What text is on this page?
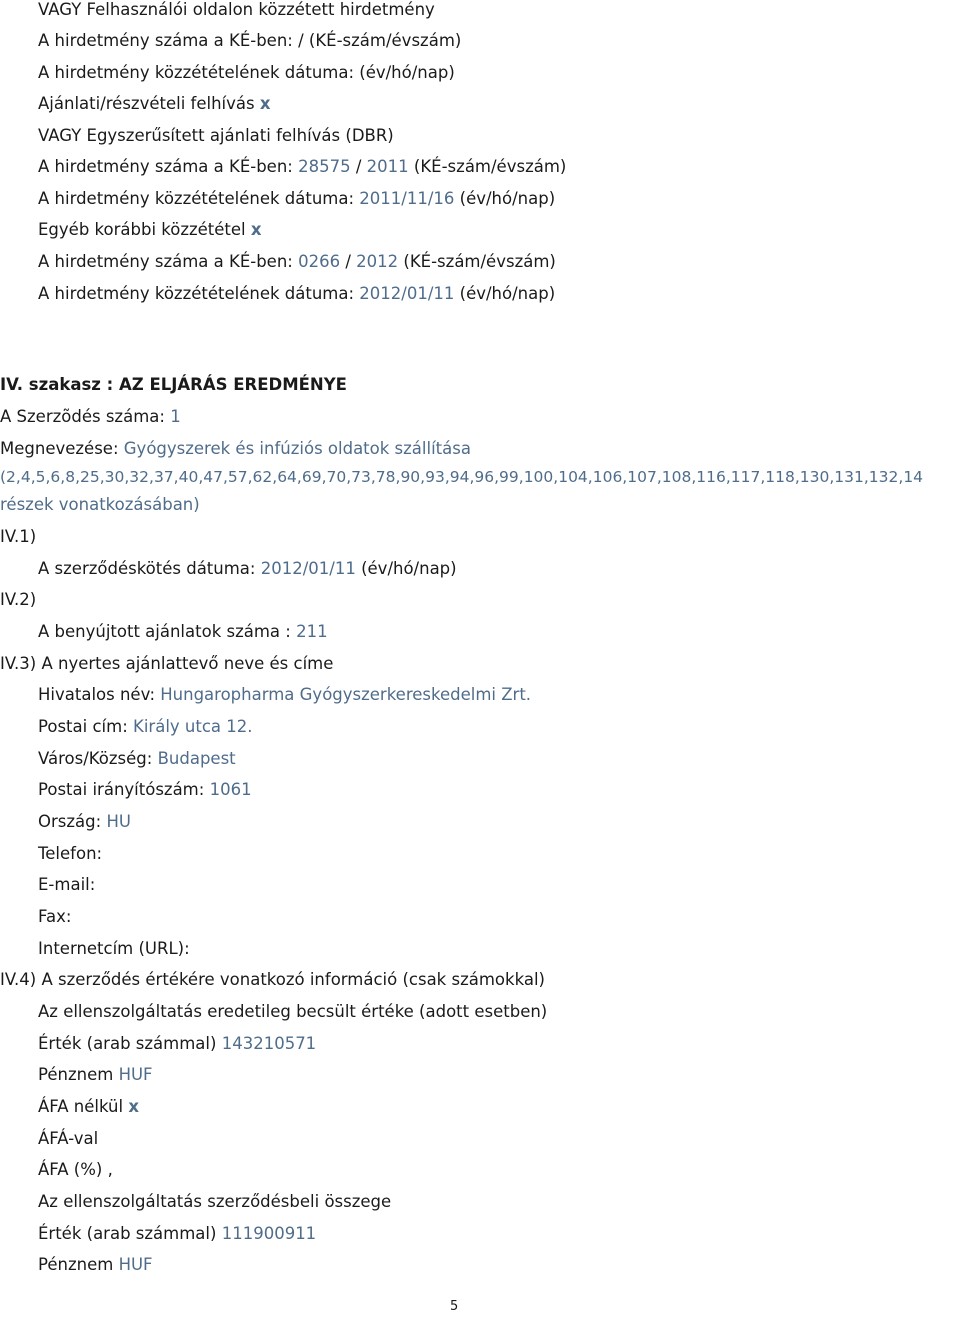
VAGY Felhasználói oldalon közzétett hirdetmény
A hirdetmény száma a KÉ-ben: / (KÉ-szám/évszám)
A hirdetmény közzétételének dátuma: (év/hó/nap)
Ajánlati/részvételi felhívás x
VAGY Egyszerűsített ajánlati felhívás (DBR)
A hirdetmény száma a KÉ-ben: 28575 / 2011 (KÉ-szám/évszám)
A hirdetmény közzétételének dátuma: 2011/11/16 (év/hó/nap)
Egyéb korábbi közzététel x
A hirdetmény száma a KÉ-ben: 0266 / 2012 (KÉ-szám/évszám)
A hirdetmény közzétételének dátuma: 2012/01/11 (év/hó/nap)
IV. szakasz : AZ ELJÁRÁS EREDMÉNYE
A Szerzõdés száma: 1
Megnevezése: Gyógyszerek és infúziós oldatok szállítása
(2,4,5,6,8,25,30,32,37,40,47,57,62,64,69,70,73,78,90,93,94,96,99,100,104,106,107,108,116,117,118,130,131,132,14
részek vonatkozásában)
IV.1)
A szerződéskötés dátuma: 2012/01/11 (év/hó/nap)
IV.2)
A benyújtott ajánlatok száma : 211
IV.3) A nyertes ajánlattevő neve és címe
Hivatalos név: Hungaropharma Gyógyszerkereskedelmi Zrt.
Postai cím: Király utca 12.
Város/Község: Budapest
Postai irányítószám: 1061
Ország: HU
Telefon:
E-mail:
Fax:
Internetcím (URL):
IV.4) A szerződés értékére vonatkozó információ (csak számokkal)
Az ellenszolgáltatás eredetileg becsült értéke (adott esetben)
Érték (arab számmal) 143210571
Pénznem HUF
ÁFA nélkül x
ÁFÁ-val
ÁFA (%) ,
Az ellenszolgáltatás szerződésbeli összege
Érték (arab számmal) 111900911
Pénznem HUF
5
